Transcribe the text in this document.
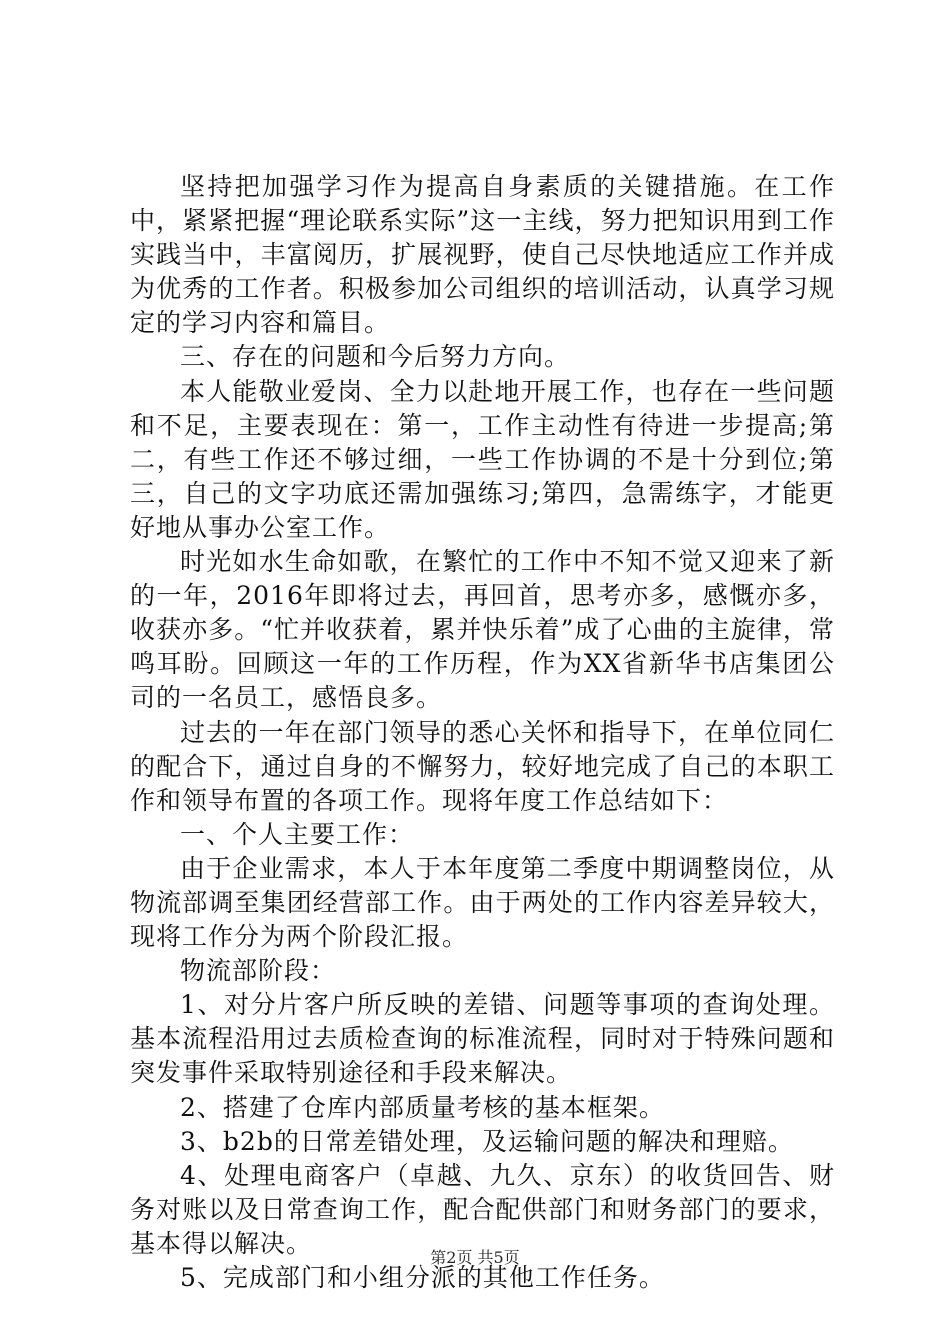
坚持把加强学习作为提高自身素质的关键措施。在工作中，紧紧把握“理论联系实际”这一主线，努力把知识用到工作实践当中，丰富阅历，扩展视野，使自己尽快地适应工作并成为优秀的工作者。积极参加公司组织的培训活动，认真学习规定的学习内容和篇目。

三、存在的问题和今后努力方向。

本人能敬业爱岗、全力以赴地开展工作，也存在一些问题和不足，主要表现在：第一，工作主动性有待进一步提高;第二，有些工作还不够过细，一些工作协调的不是十分到位;第三，自己的文字功底还需加强练习;第四，急需练字，才能更好地从事办公室工作。

时光如水生命如歌，在繁忙的工作中不知不觉又迎来了新的一年，2016年即将过去，再回首，思考亦多，感慨亦多，收获亦多。“忙并收获着，累并快乐着”成了心曲的主旋律，常鸣耳盼。回顾这一年的工作历程，作为XX省新华书店集团公司的一名员工，感悟良多。

过去的一年在部门领导的悉心关怀和指导下，在单位同仁的配合下，通过自身的不懈努力，较好地完成了自己的本职工作和领导布置的各项工作。现将年度工作总结如下：

一、个人主要工作：

由于企业需求，本人于本年度第二季度中期调整岗位，从物流部调至集团经营部工作。由于两处的工作内容差异较大，现将工作分为两个阶段汇报。

物流部阶段：

1、对分片客户所反映的差错、问题等事项的查询处理。基本流程沿用过去质检查询的标准流程，同时对于特殊问题和突发事件采取特别途径和手段来解决。

2、搭建了仓库内部质量考核的基本框架。

3、b2b的日常差错处理，及运输问题的解决和理赔。

4、处理电商客户（卓越、九久、京东）的收货回告、财务对账以及日常查询工作，配合配供部门和财务部门的要求，基本得以解决。

5、完成部门和小组分派的其他工作任务。

第2页 共5页
